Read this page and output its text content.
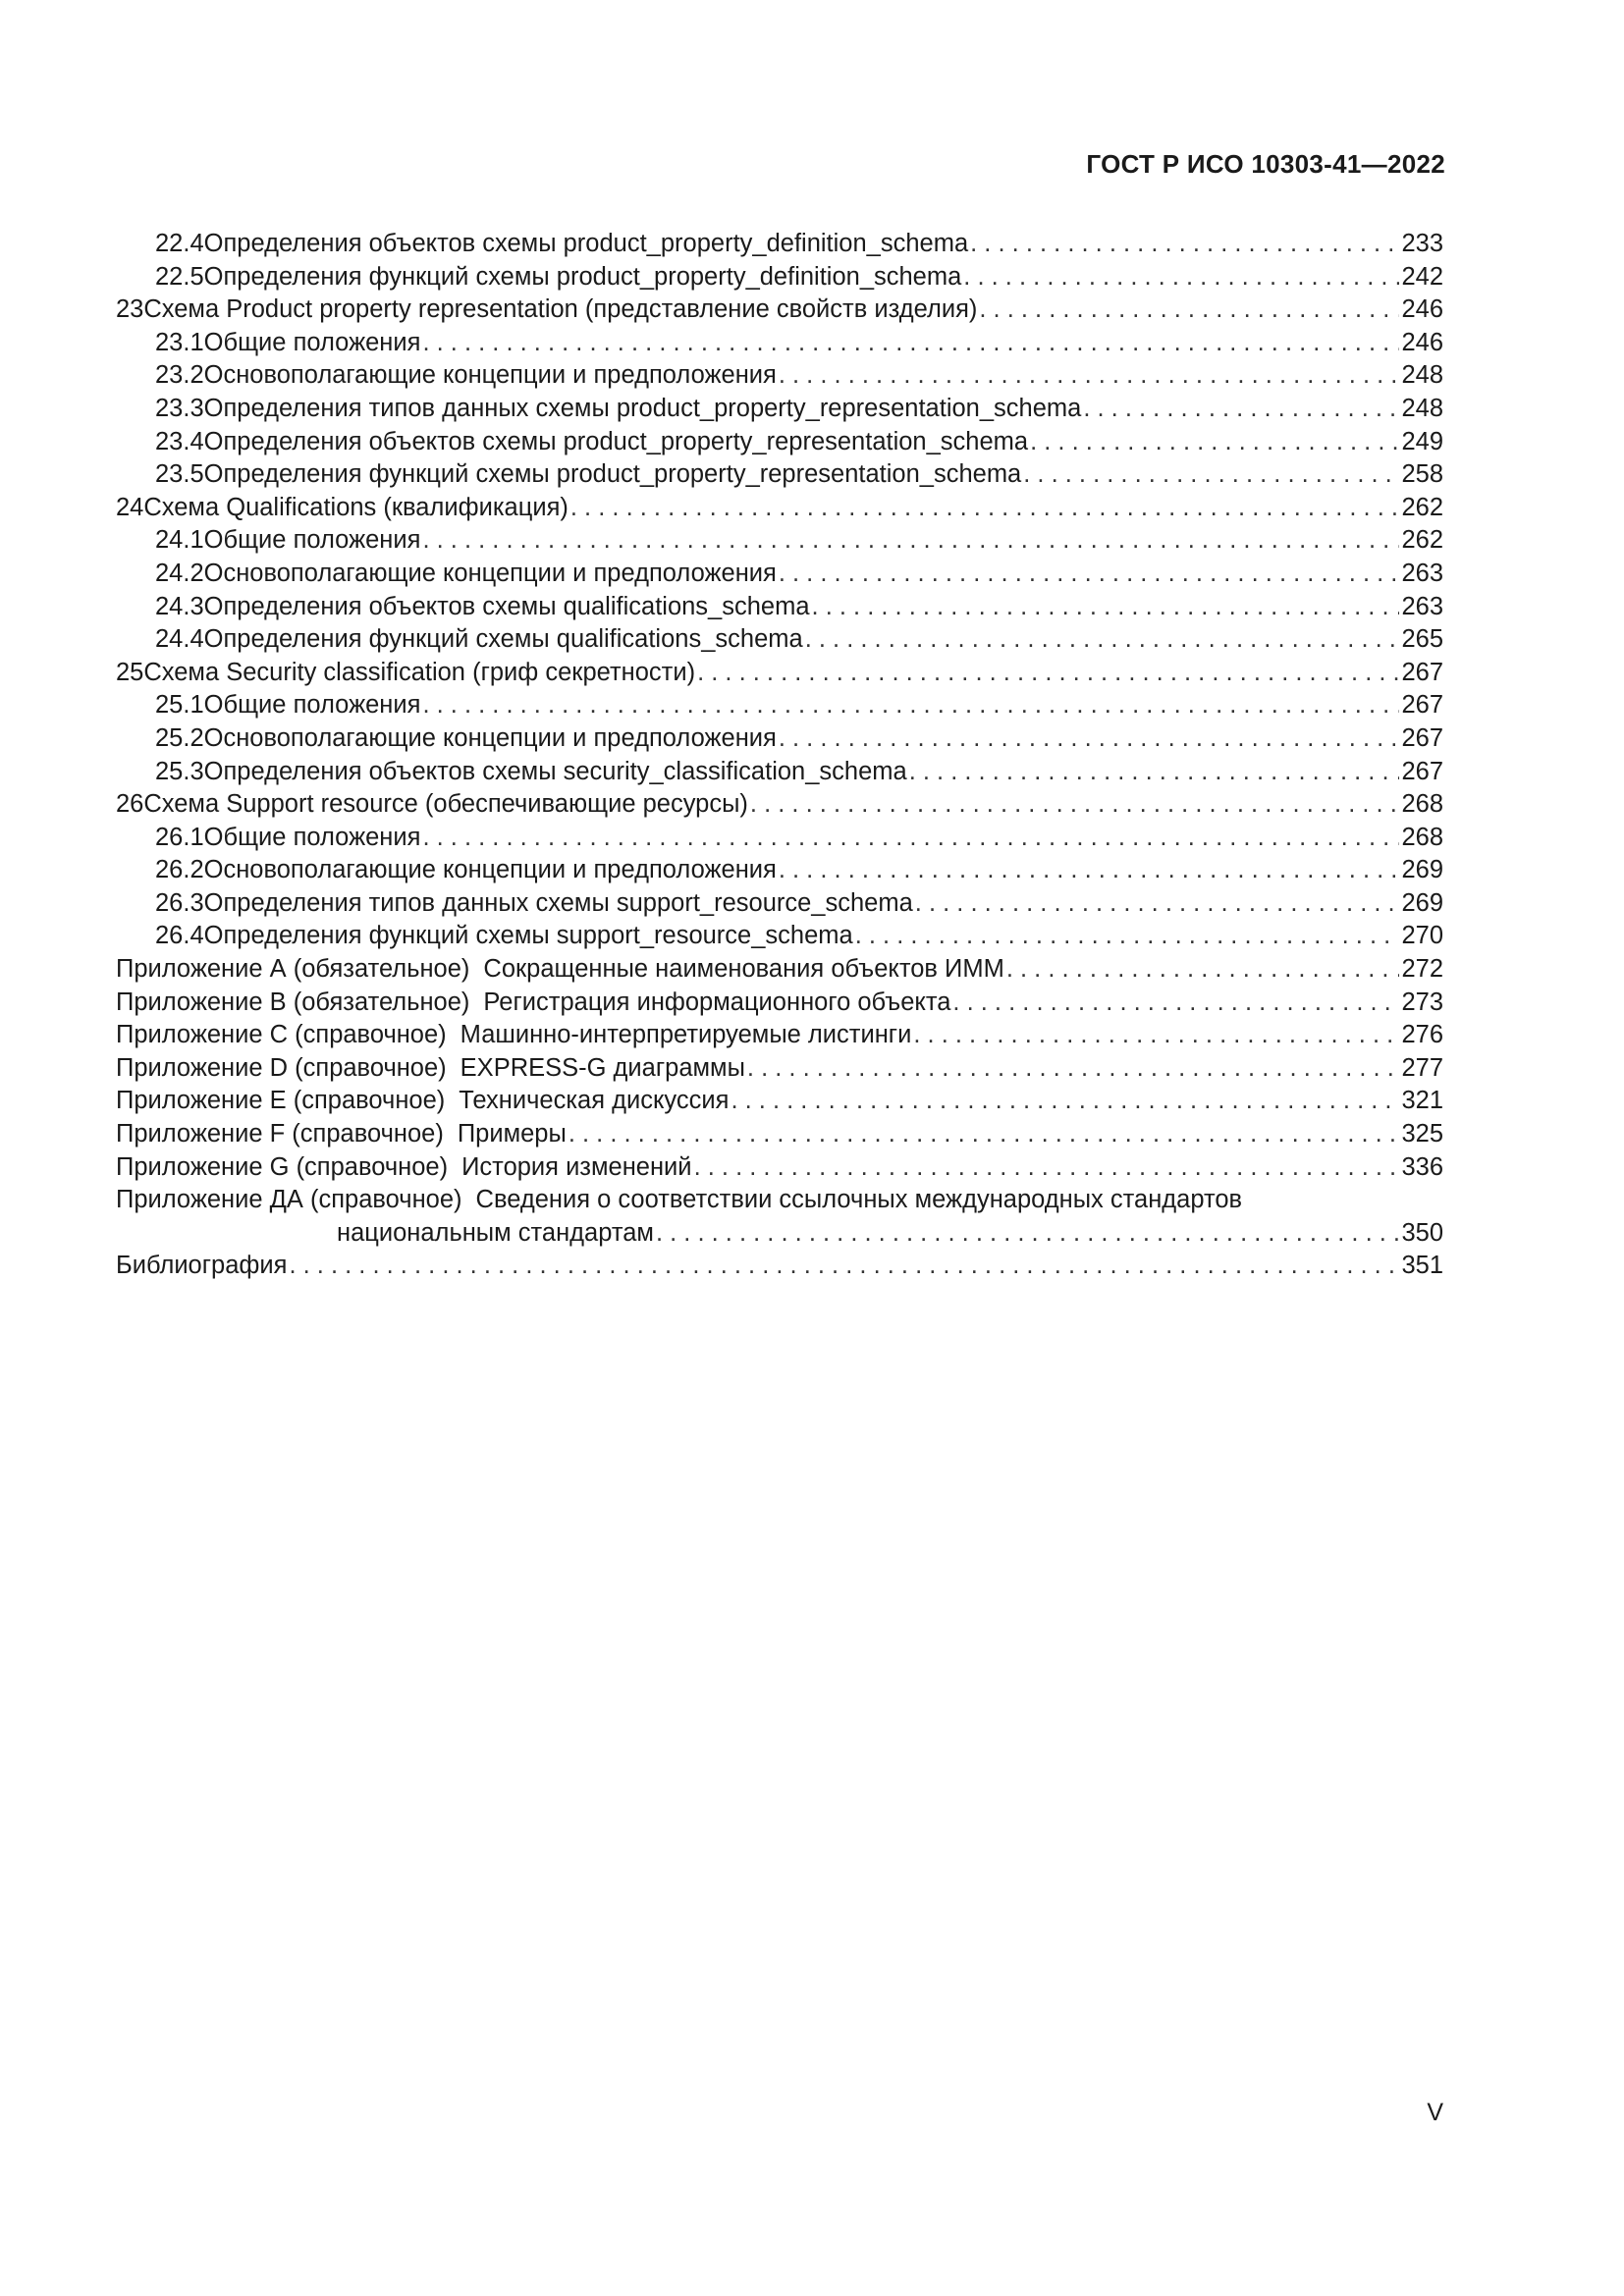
ГОСТ Р ИСО 10303-41—2022
22.4 Определения объектов схемы product_property_definition_schema . . .	233
22.5 Определения функций схемы product_property_definition_schema . . .	242
23 Схема Product property representation (представление свойств изделия) . . .	246
23.1 Общие положения . . .	246
23.2 Основополагающие концепции и предположения . . .	248
23.3 Определения типов данных схемы product_property_representation_schema . . .	248
23.4 Определения объектов схемы product_property_representation_schema . . .	249
23.5 Определения функций схемы product_property_representation_schema . . .	258
24 Схема Qualifications (квалификация) . . .	262
24.1 Общие положения . . .	262
24.2 Основополагающие концепции и предположения . . .	263
24.3 Определения объектов схемы qualifications_schema . . .	263
24.4 Определения функций схемы qualifications_schema . . .	265
25 Схема Security classification (гриф секретности) . . .	267
25.1 Общие положения . . .	267
25.2 Основополагающие концепции и предположения . . .	267
25.3 Определения объектов схемы security_classification_schema . . .	267
26 Схема Support resource (обеспечивающие ресурсы) . . .	268
26.1 Общие положения . . .	268
26.2 Основополагающие концепции и предположения . . .	269
26.3 Определения типов данных схемы support_resource_schema . . .	269
26.4 Определения функций схемы support_resource_schema . . .	270
Приложение А (обязательное) Сокращенные наименования объектов ИММ . . .	272
Приложение В (обязательное) Регистрация информационного объекта . . .	273
Приложение С (справочное) Машинно-интерпретируемые листинги . . .	276
Приложение D (справочное) EXPRESS-G диаграммы . . .	277
Приложение Е (справочное) Техническая дискуссия . . .	321
Приложение F (справочное) Примеры . . .	325
Приложение G (справочное) История изменений . . .	336
Приложение ДА (справочное) Сведения о соответствии ссылочных международных стандартов
национальным стандартам . . .	350
Библиография . . .	351
V
